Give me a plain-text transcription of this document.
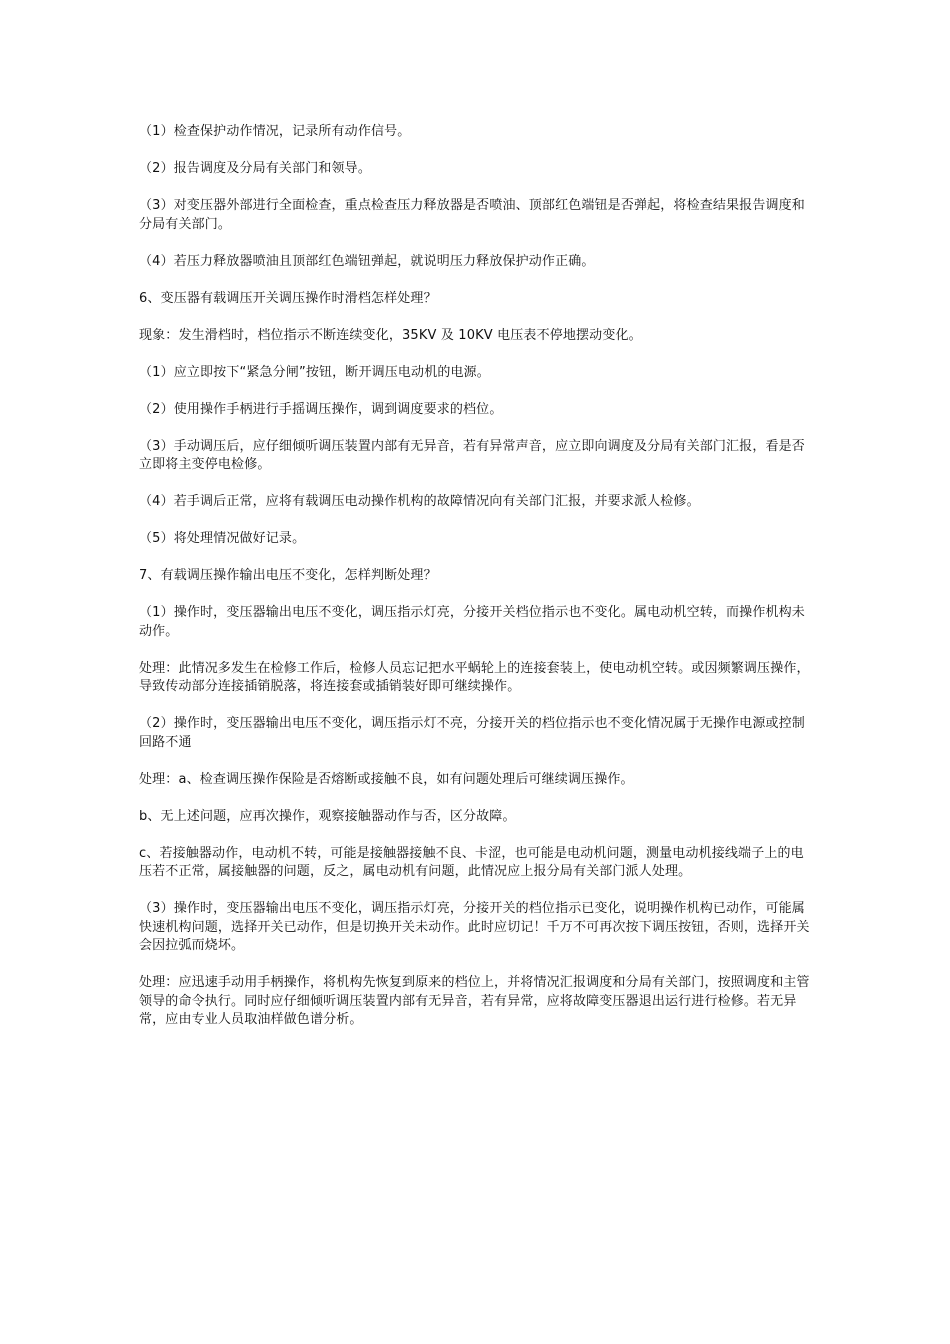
（1）检查保护动作情况，记录所有动作信号。

（2）报告调度及分局有关部门和领导。

（3）对变压器外部进行全面检查，重点检查压力释放器是否喷油、顶部红色端钮是否弹起，将检查结果报告调度和分局有关部门。

（4）若压力释放器喷油且顶部红色端钮弹起，就说明压力释放保护动作正确。

6、变压器有载调压开关调压操作时滑档怎样处理？

现象：发生滑档时，档位指示不断连续变化，35KV 及 10KV 电压表不停地摆动变化。

（1）应立即按下“紧急分闸”按钮，断开调压电动机的电源。

（2）使用操作手柄进行手摇调压操作，调到调度要求的档位。

（3）手动调压后，应仔细倾听调压装置内部有无异音，若有异常声音，应立即向调度及分局有关部门汇报，看是否立即将主变停电检修。

（4）若手调后正常，应将有载调压电动操作机构的故障情况向有关部门汇报，并要求派人检修。

（5）将处理情况做好记录。

7、有载调压操作输出电压不变化，怎样判断处理？

（1）操作时，变压器输出电压不变化，调压指示灯亮，分接开关档位指示也不变化。属电动机空转，而操作机构未动作。

处理：此情况多发生在检修工作后，检修人员忘记把水平蜗轮上的连接套装上，使电动机空转。或因频繁调压操作，导致传动部分连接插销脱落，将连接套或插销装好即可继续操作。

（2）操作时，变压器输出电压不变化，调压指示灯不亮，分接开关的档位指示也不变化情况属于无操作电源或控制回路不通

处理：a、检查调压操作保险是否熔断或接触不良，如有问题处理后可继续调压操作。

b、无上述问题，应再次操作，观察接触器动作与否，区分故障。

c、若接触器动作，电动机不转，可能是接触器接触不良、卡涩，也可能是电动机问题，测量电动机接线端子上的电压若不正常，属接触器的问题，反之，属电动机有问题，此情况应上报分局有关部门派人处理。

（3）操作时，变压器输出电压不变化，调压指示灯亮，分接开关的档位指示已变化，说明操作机构已动作，可能属快速机构问题，选择开关已动作，但是切换开关未动作。此时应切记！千万不可再次按下调压按钮，否则，选择开关会因拉弧而烧坏。

处理：应迅速手动用手柄操作，将机构先恢复到原来的档位上，并将情况汇报调度和分局有关部门，按照调度和主管领导的命令执行。同时应仔细倾听调压装置内部有无异音，若有异常，应将故障变压器退出运行进行检修。若无异常，应由专业人员取油样做色谱分析。
